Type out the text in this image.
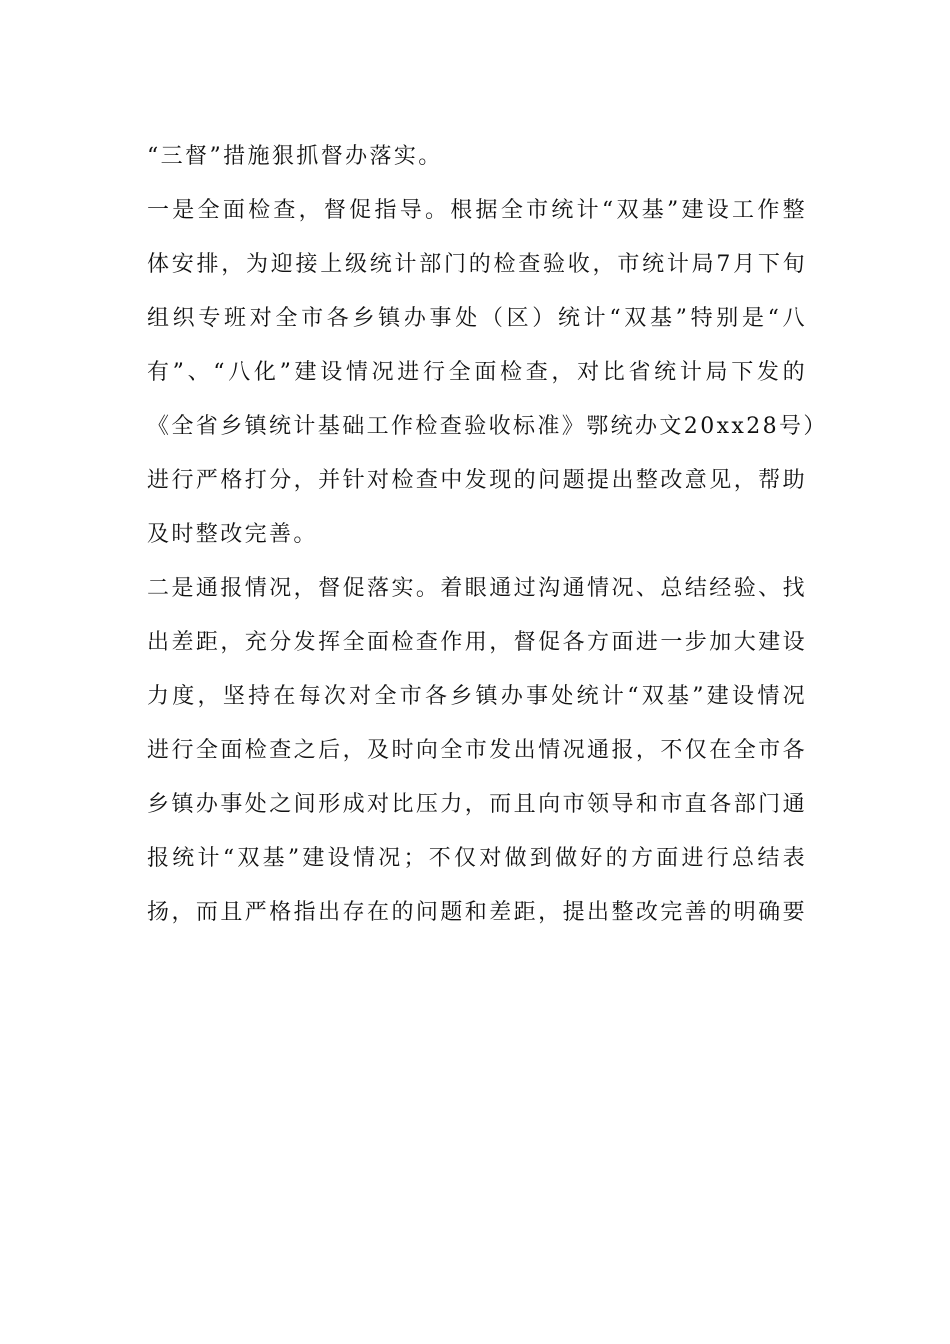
“三督”措施狠抓督办落实。
一是全面检查，督促指导。根据全市统计“双基”建设工作整
体安排，为迎接上级统计部门的检查验收，市统计局7月下旬
组织专班对全市各乡镇办事处（区）统计“双基”特别是“八
有”、“八化”建设情况进行全面检查，对比省统计局下发的
《全省乡镇统计基础工作检查验收标准》鄂统办文20xx28号）
进行严格打分，并针对检查中发现的问题提出整改意见，帮助
及时整改完善。
二是通报情况，督促落实。着眼通过沟通情况、总结经验、找
出差距，充分发挥全面检查作用，督促各方面进一步加大建设
力度，坚持在每次对全市各乡镇办事处统计“双基”建设情况
进行全面检查之后，及时向全市发出情况通报，不仅在全市各
乡镇办事处之间形成对比压力，而且向市领导和市直各部门通
报统计“双基”建设情况；不仅对做到做好的方面进行总结表
扬，而且严格指出存在的问题和差距，提出整改完善的明确要
